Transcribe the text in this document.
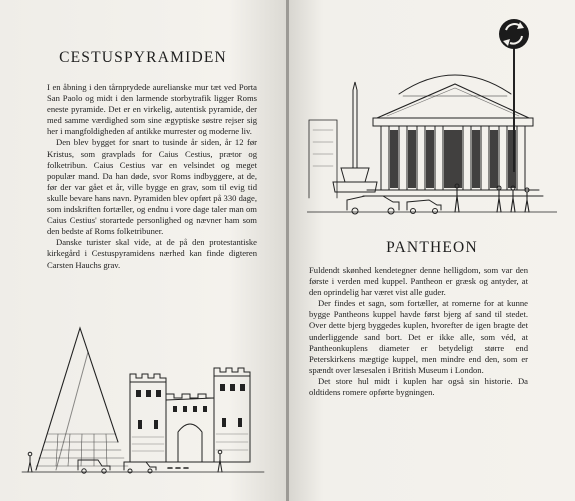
CESTUSPYRAMIDEN

I en åbning i den tårnprydede aurelianske mur tæt ved Porta San Paolo og midt i den larmende storbytrafik ligger Roms eneste pyramide. Det er en virkelig, autentisk pyramide, der med samme værdighed som sine ægyptiske søstre rejser sig her i mangfoldigheden af antikke murrester og moderne liv.

Den blev bygget for snart to tusinde år siden, år 12 før Kristus, som gravplads for Caius Cestius, prætor og folketribun. Caius Cestius var en velsindet og meget populær mand. Da han døde, svor Roms indbyggere, at de, før der var gået et år, ville bygge en grav, som til evig tid skulle bevare hans navn. Pyramiden blev opført på 330 dage, som indskriften fortæller, og endnu i vore dage taler man om Caius Cestius' storartede personlighed og nævner ham som den bedste af Roms folketribuner.

Danske turister skal vide, at de på den protestantiske kirkegård i Cestuspyramidens nærhed kan finde digteren Carsten Hauchs grav.

PANTHEON

Fuldendt skønhed kendetegner denne helligdom, som var den første i verden med kuppel. Pantheon er græsk og antyder, at den oprindelig har været vist alle guder.

Der findes et sagn, som fortæller, at romerne for at kunne bygge Pantheons kuppel havde først bjerg af sand til stedet. Over dette bjerg byggedes kuplen, hvorefter de igen bragte det underliggende sand bort. Det er ikke alle, som véd, at Pantheonkuplens diameter er betydeligt større end Peterskirkens mægtige kuppel, men mindre end den, som er spændt over læsesalen i British Museum i London.

Det store hul midt i kuplen har også sin historie. Da oldtidens romere opførte bygningen.
